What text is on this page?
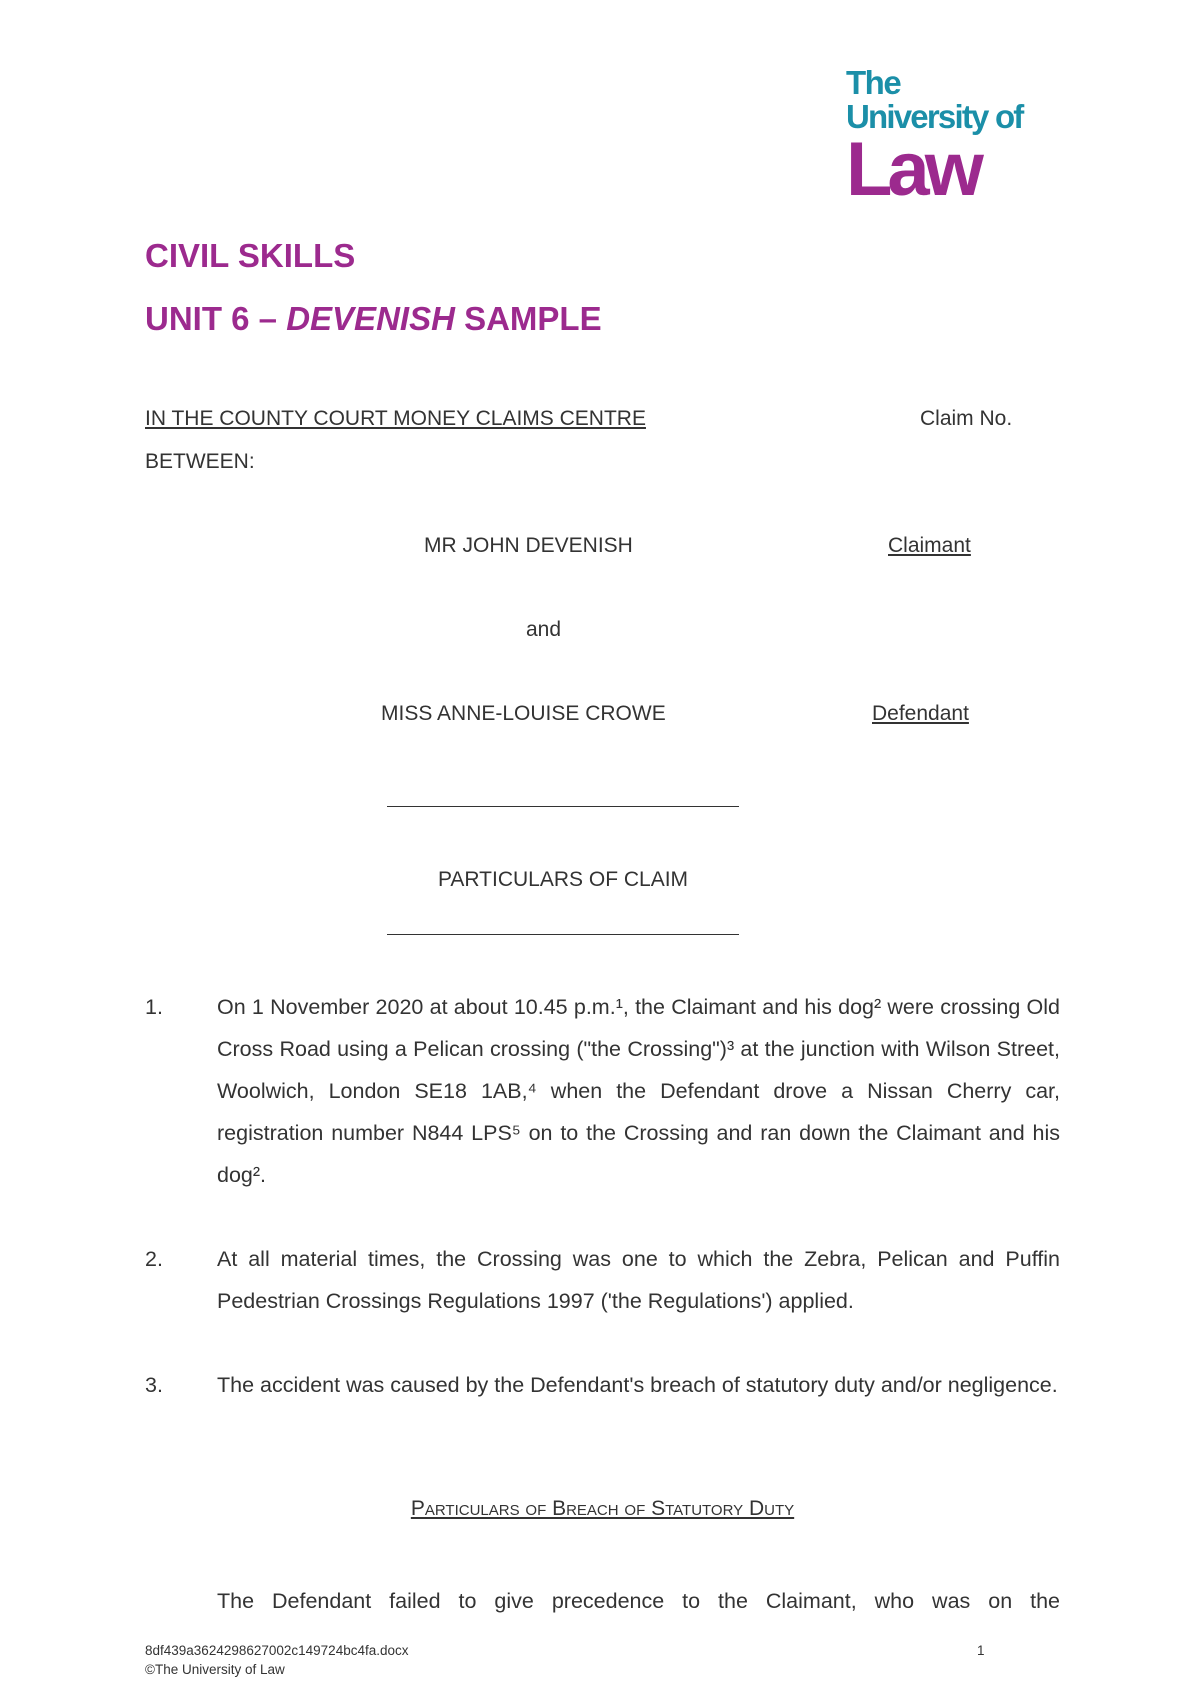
The
University of
Law
CIVIL SKILLS
UNIT 6 – DEVENISH SAMPLE
IN THE COUNTY COURT MONEY CLAIMS CENTRE	Claim No.
BETWEEN:
MR JOHN DEVENISH	Claimant
and
MISS ANNE-LOUISE CROWE	Defendant
PARTICULARS OF CLAIM
1.	On 1 November 2020 at about 10.45 p.m.¹, the Claimant and his dog² were crossing Old Cross Road using a Pelican crossing ("the Crossing")³ at the junction with Wilson Street, Woolwich, London SE18 1AB,⁴ when the Defendant drove a Nissan Cherry car, registration number N844 LPS⁵ on to the Crossing and ran down the Claimant and his dog².
2.	At all material times, the Crossing was one to which the Zebra, Pelican and Puffin Pedestrian Crossings Regulations 1997 ('the Regulations') applied.
3.	The accident was caused by the Defendant's breach of statutory duty and/or negligence.
Particulars of Breach of Statutory Duty
The Defendant failed to give precedence to the Claimant, who was on the
8df439a3624298627002c149724bc4fa.docx
©The University of Law
1
